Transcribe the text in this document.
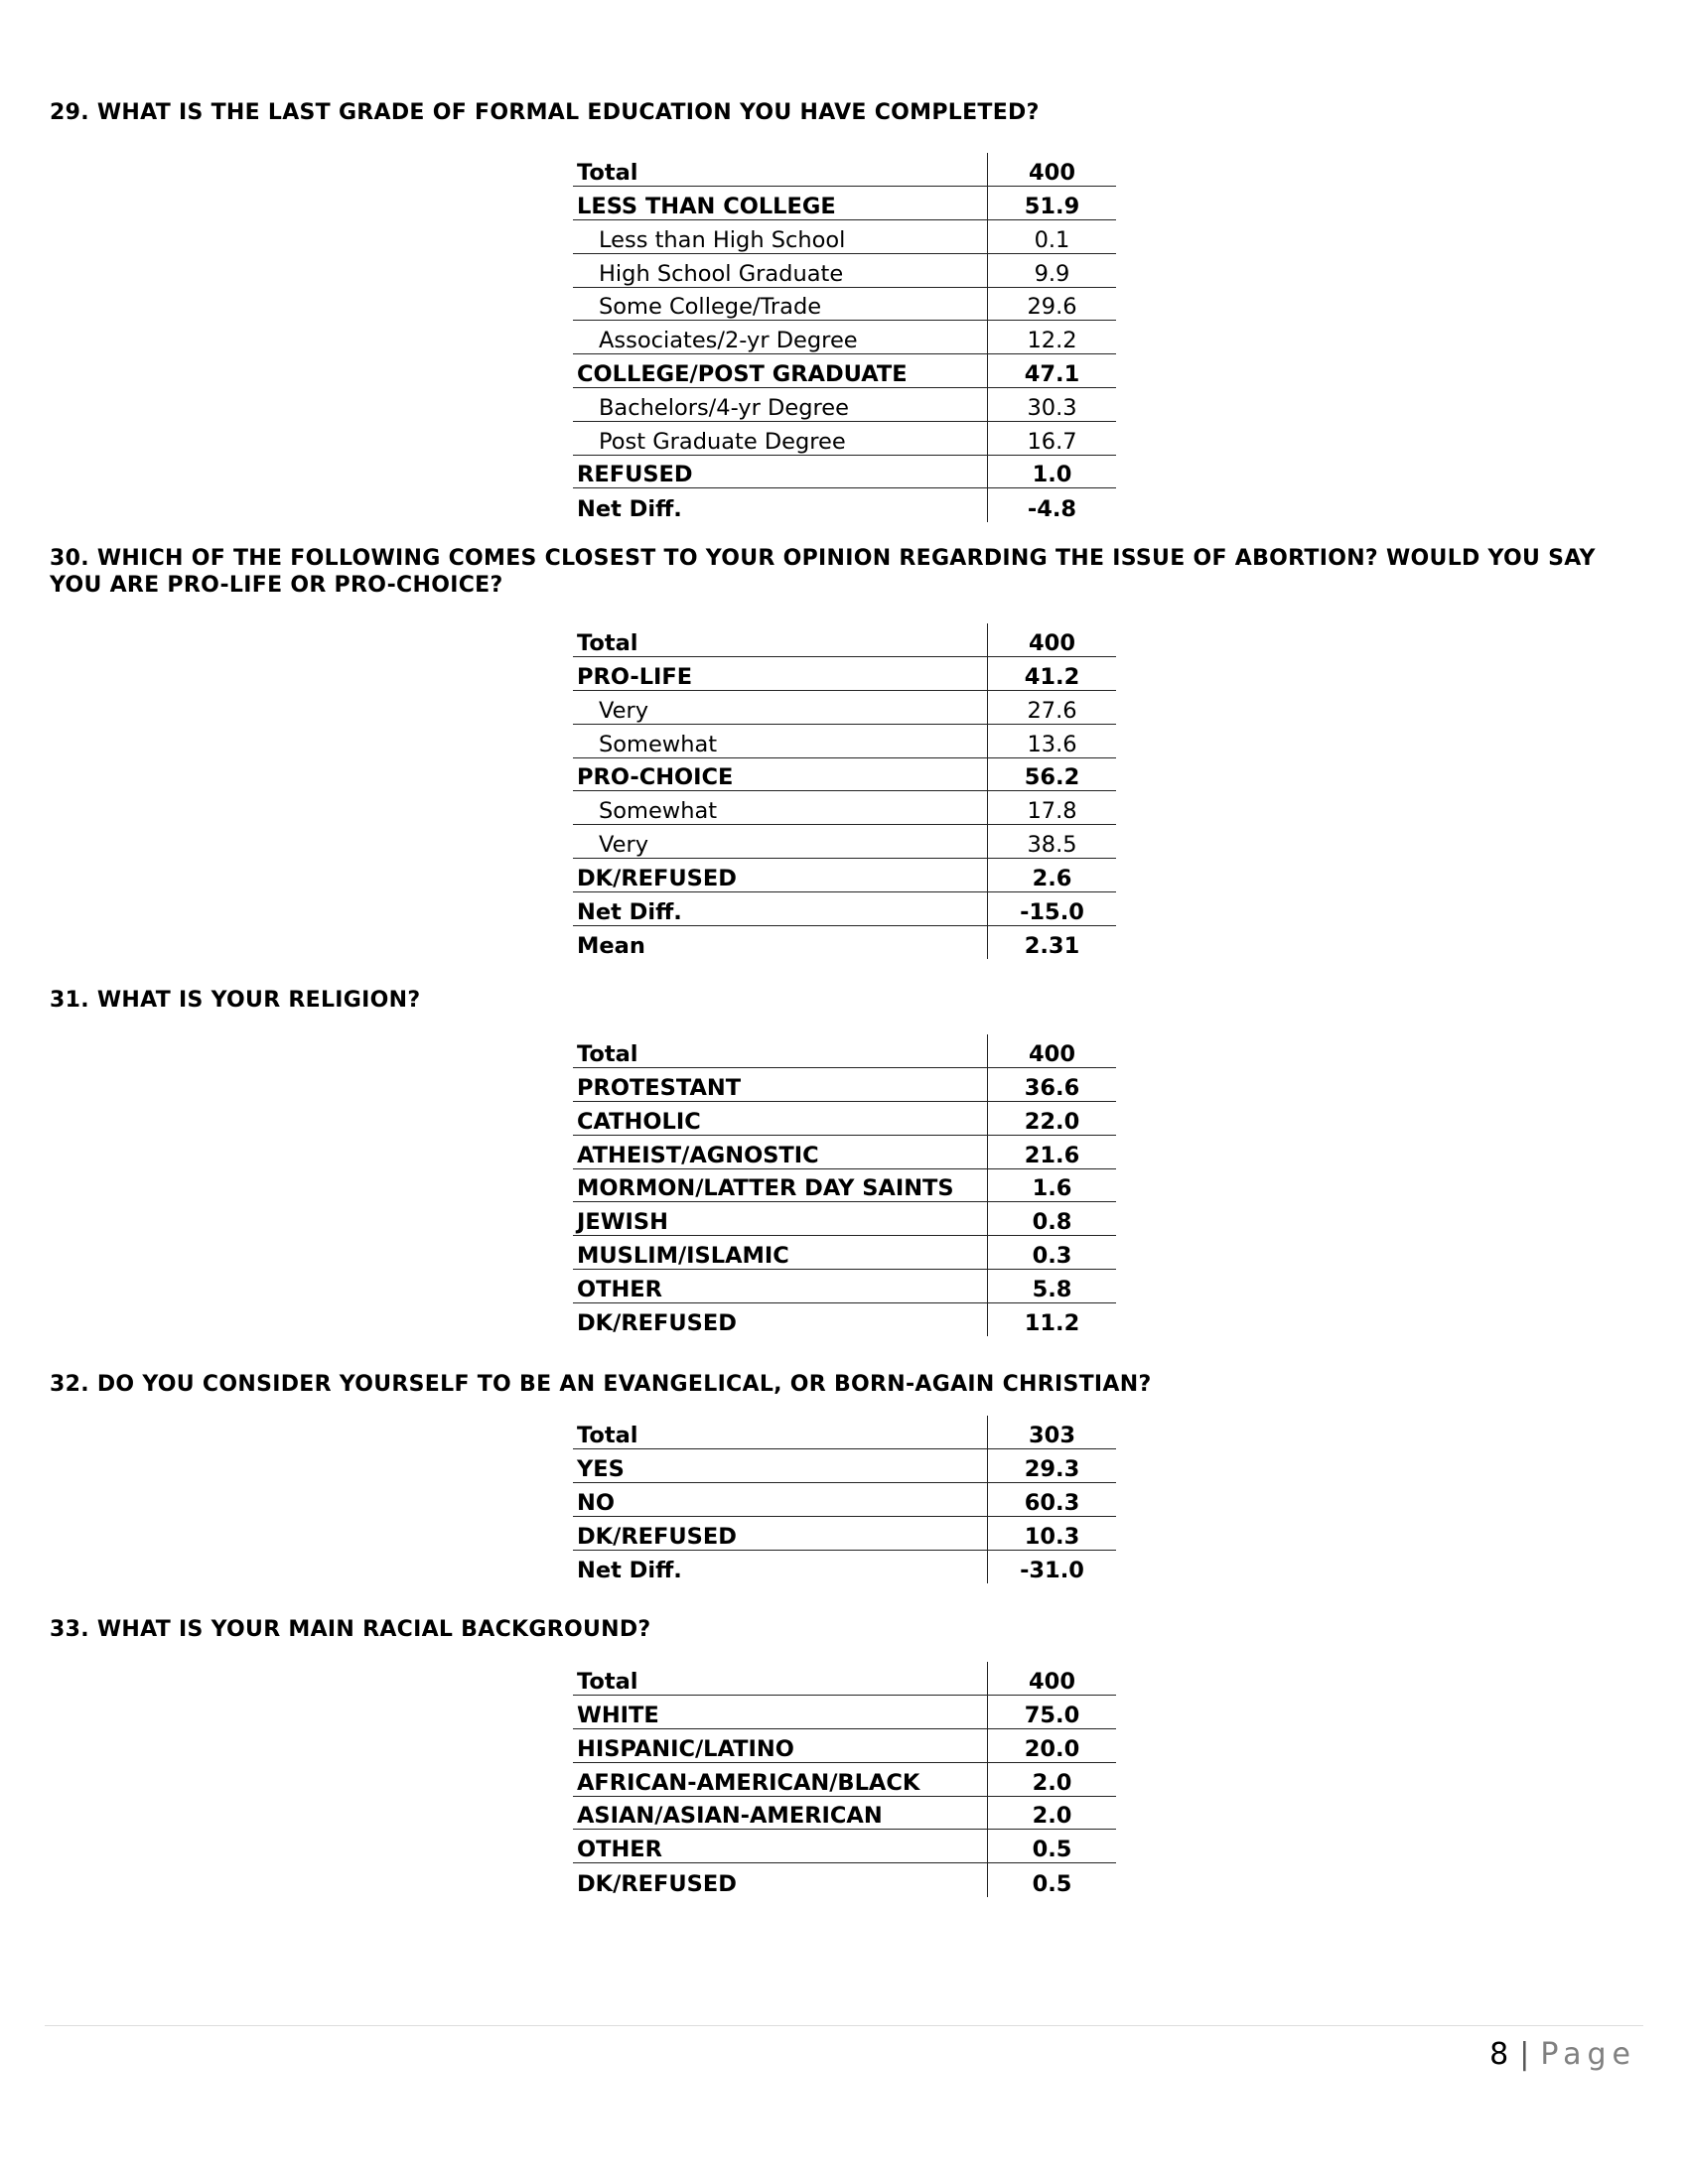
29. WHAT IS THE LAST GRADE OF FORMAL EDUCATION YOU HAVE COMPLETED?
Total	400
LESS THAN COLLEGE	51.9
Less than High School	0.1
High School Graduate	9.9
Some College/Trade	29.6
Associates/2-yr Degree	12.2
COLLEGE/POST GRADUATE	47.1
Bachelors/4-yr Degree	30.3
Post Graduate Degree	16.7
REFUSED	1.0
Net Diff.	-4.8
30. WHICH OF THE FOLLOWING COMES CLOSEST TO YOUR OPINION REGARDING THE ISSUE OF ABORTION? WOULD YOU SAY YOU ARE PRO-LIFE OR PRO-CHOICE?
Total	400
PRO-LIFE	41.2
Very	27.6
Somewhat	13.6
PRO-CHOICE	56.2
Somewhat	17.8
Very	38.5
DK/REFUSED	2.6
Net Diff.	-15.0
Mean	2.31
31. WHAT IS YOUR RELIGION?
Total	400
PROTESTANT	36.6
CATHOLIC	22.0
ATHEIST/AGNOSTIC	21.6
MORMON/LATTER DAY SAINTS	1.6
JEWISH	0.8
MUSLIM/ISLAMIC	0.3
OTHER	5.8
DK/REFUSED	11.2
32. DO YOU CONSIDER YOURSELF TO BE AN EVANGELICAL, OR BORN-AGAIN CHRISTIAN?
Total	303
YES	29.3
NO	60.3
DK/REFUSED	10.3
Net Diff.	-31.0
33. WHAT IS YOUR MAIN RACIAL BACKGROUND?
Total	400
WHITE	75.0
HISPANIC/LATINO	20.0
AFRICAN-AMERICAN/BLACK	2.0
ASIAN/ASIAN-AMERICAN	2.0
OTHER	0.5
DK/REFUSED	0.5
8 | Page
